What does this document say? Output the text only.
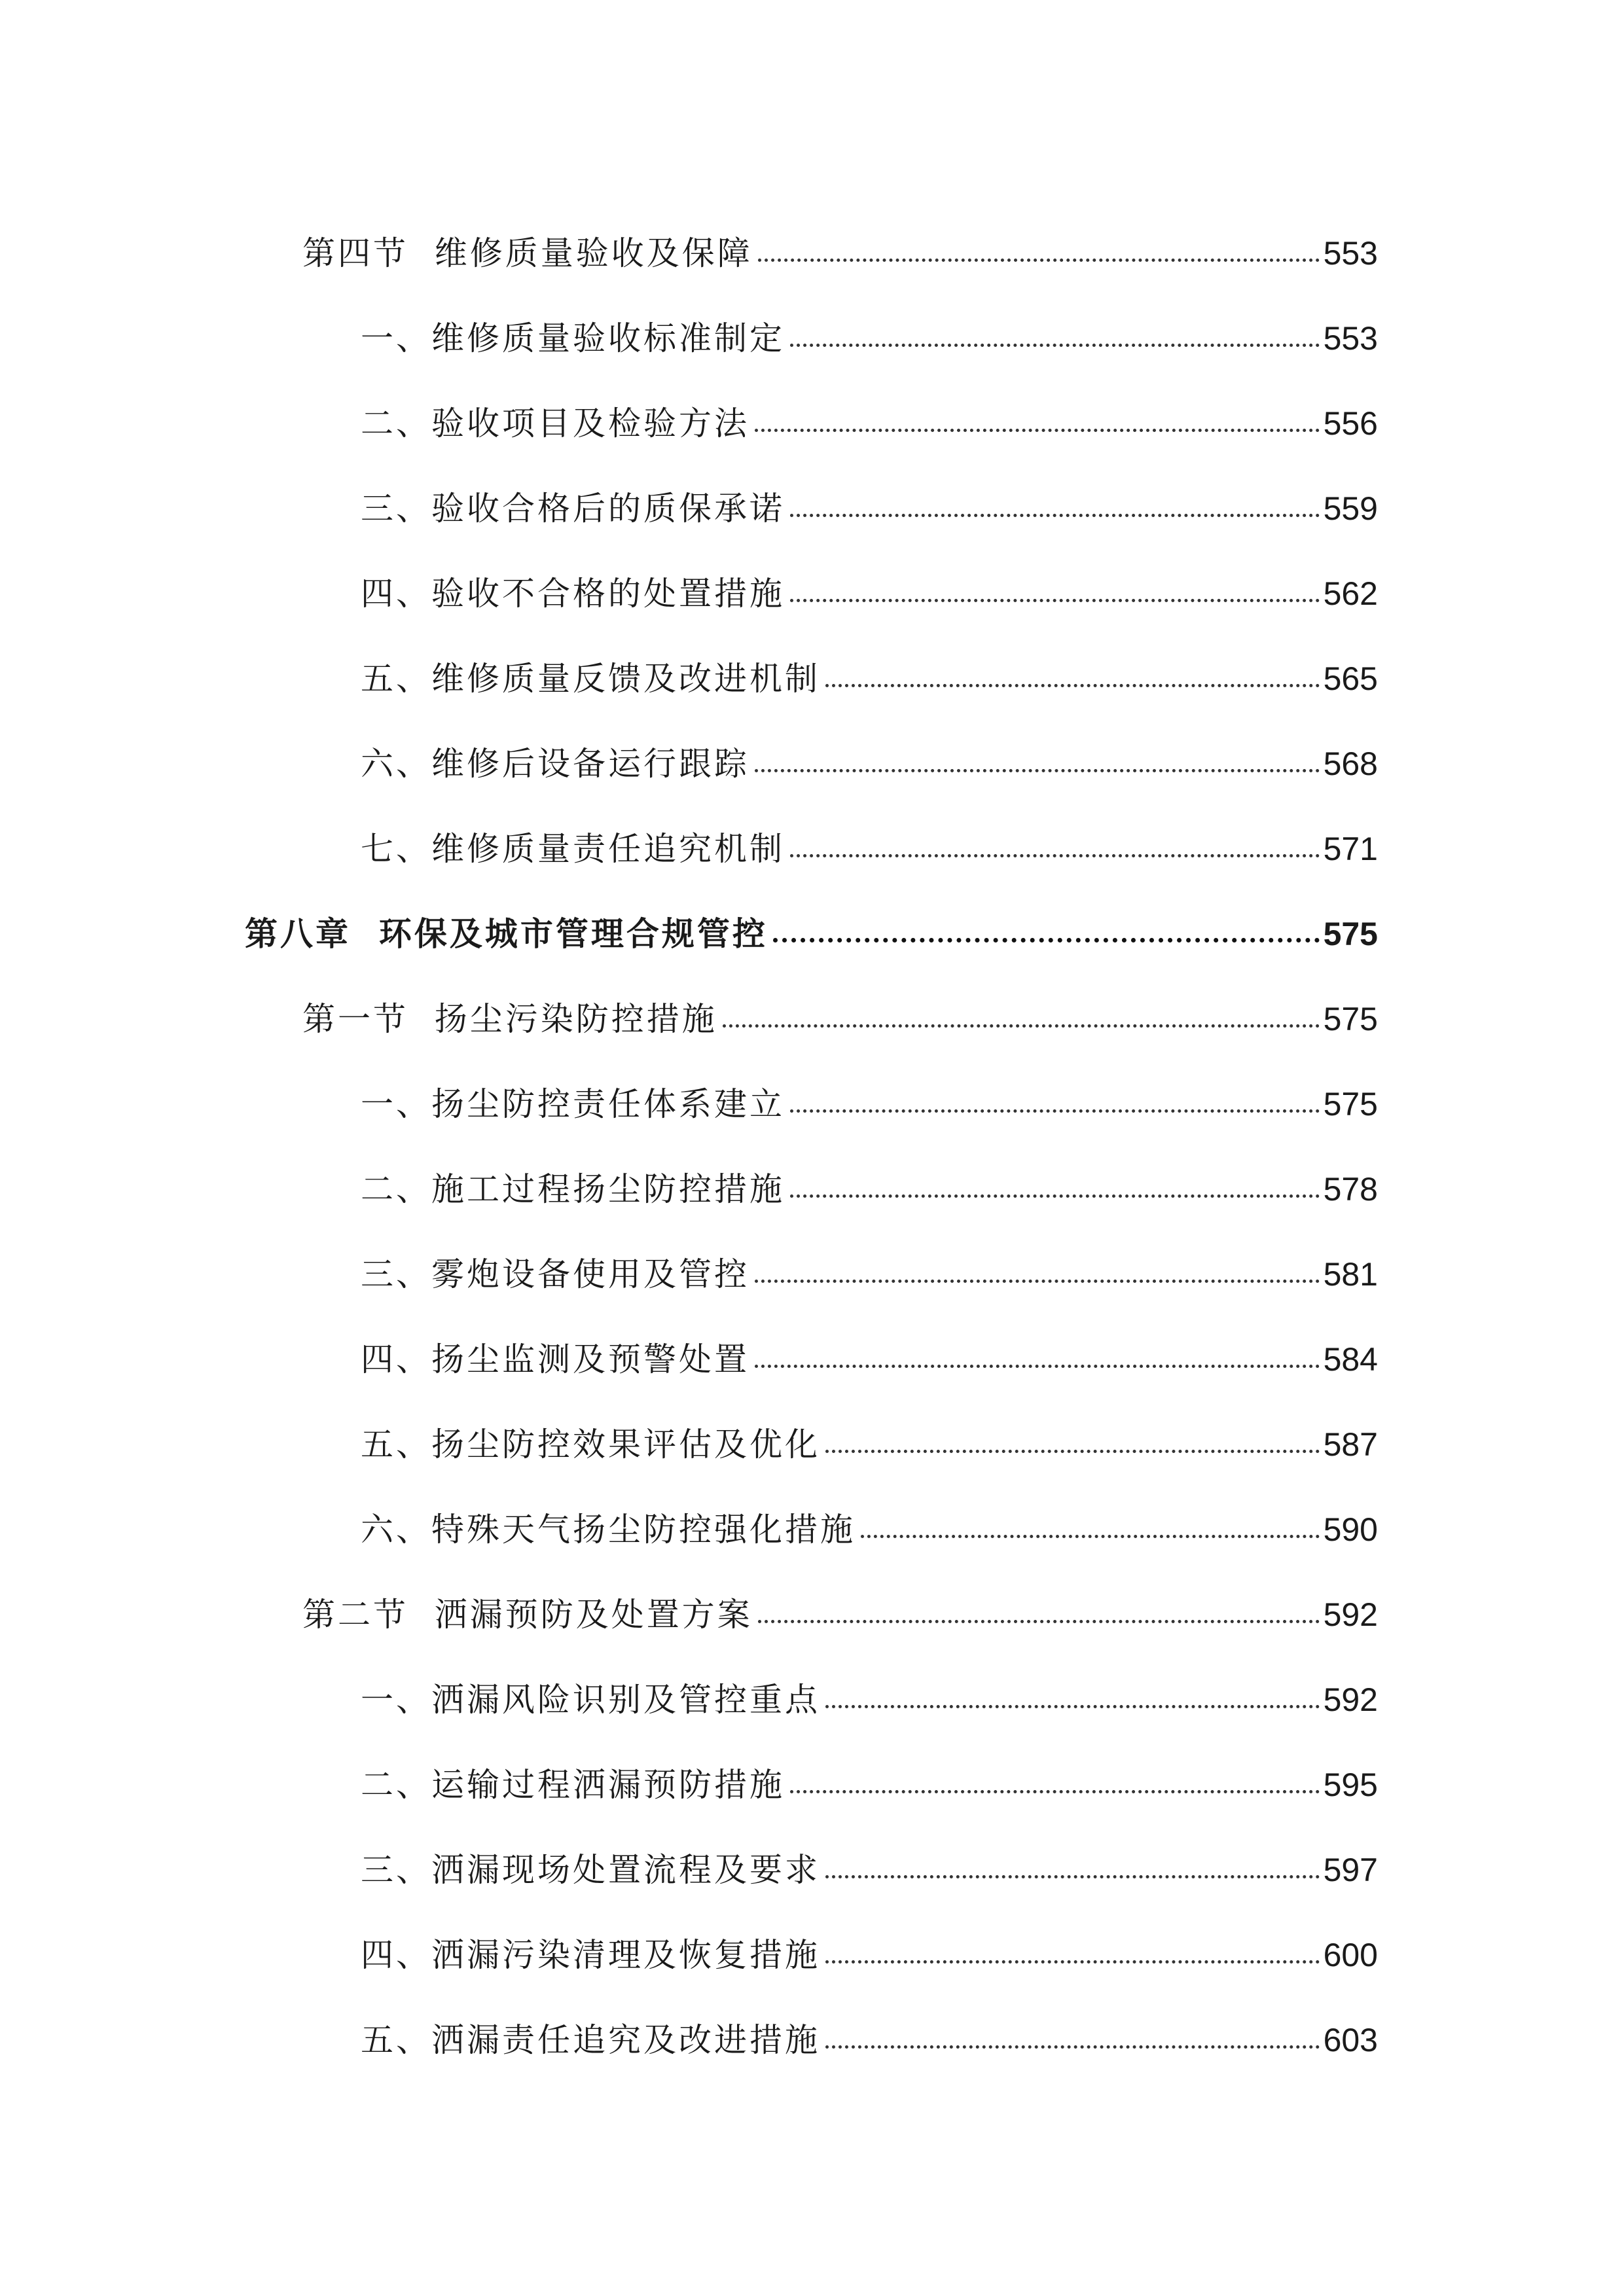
第四节  维修质量验收及保障	553
一、维修质量验收标准制定	553
二、验收项目及检验方法	556
三、验收合格后的质保承诺	559
四、验收不合格的处置措施	562
五、维修质量反馈及改进机制	565
六、维修后设备运行跟踪	568
七、维修质量责任追究机制	571
第八章  环保及城市管理合规管控	575
第一节  扬尘污染防控措施	575
一、扬尘防控责任体系建立	575
二、施工过程扬尘防控措施	578
三、雾炮设备使用及管控	581
四、扬尘监测及预警处置	584
五、扬尘防控效果评估及优化	587
六、特殊天气扬尘防控强化措施	590
第二节  洒漏预防及处置方案	592
一、洒漏风险识别及管控重点	592
二、运输过程洒漏预防措施	595
三、洒漏现场处置流程及要求	597
四、洒漏污染清理及恢复措施	600
五、洒漏责任追究及改进措施	603
